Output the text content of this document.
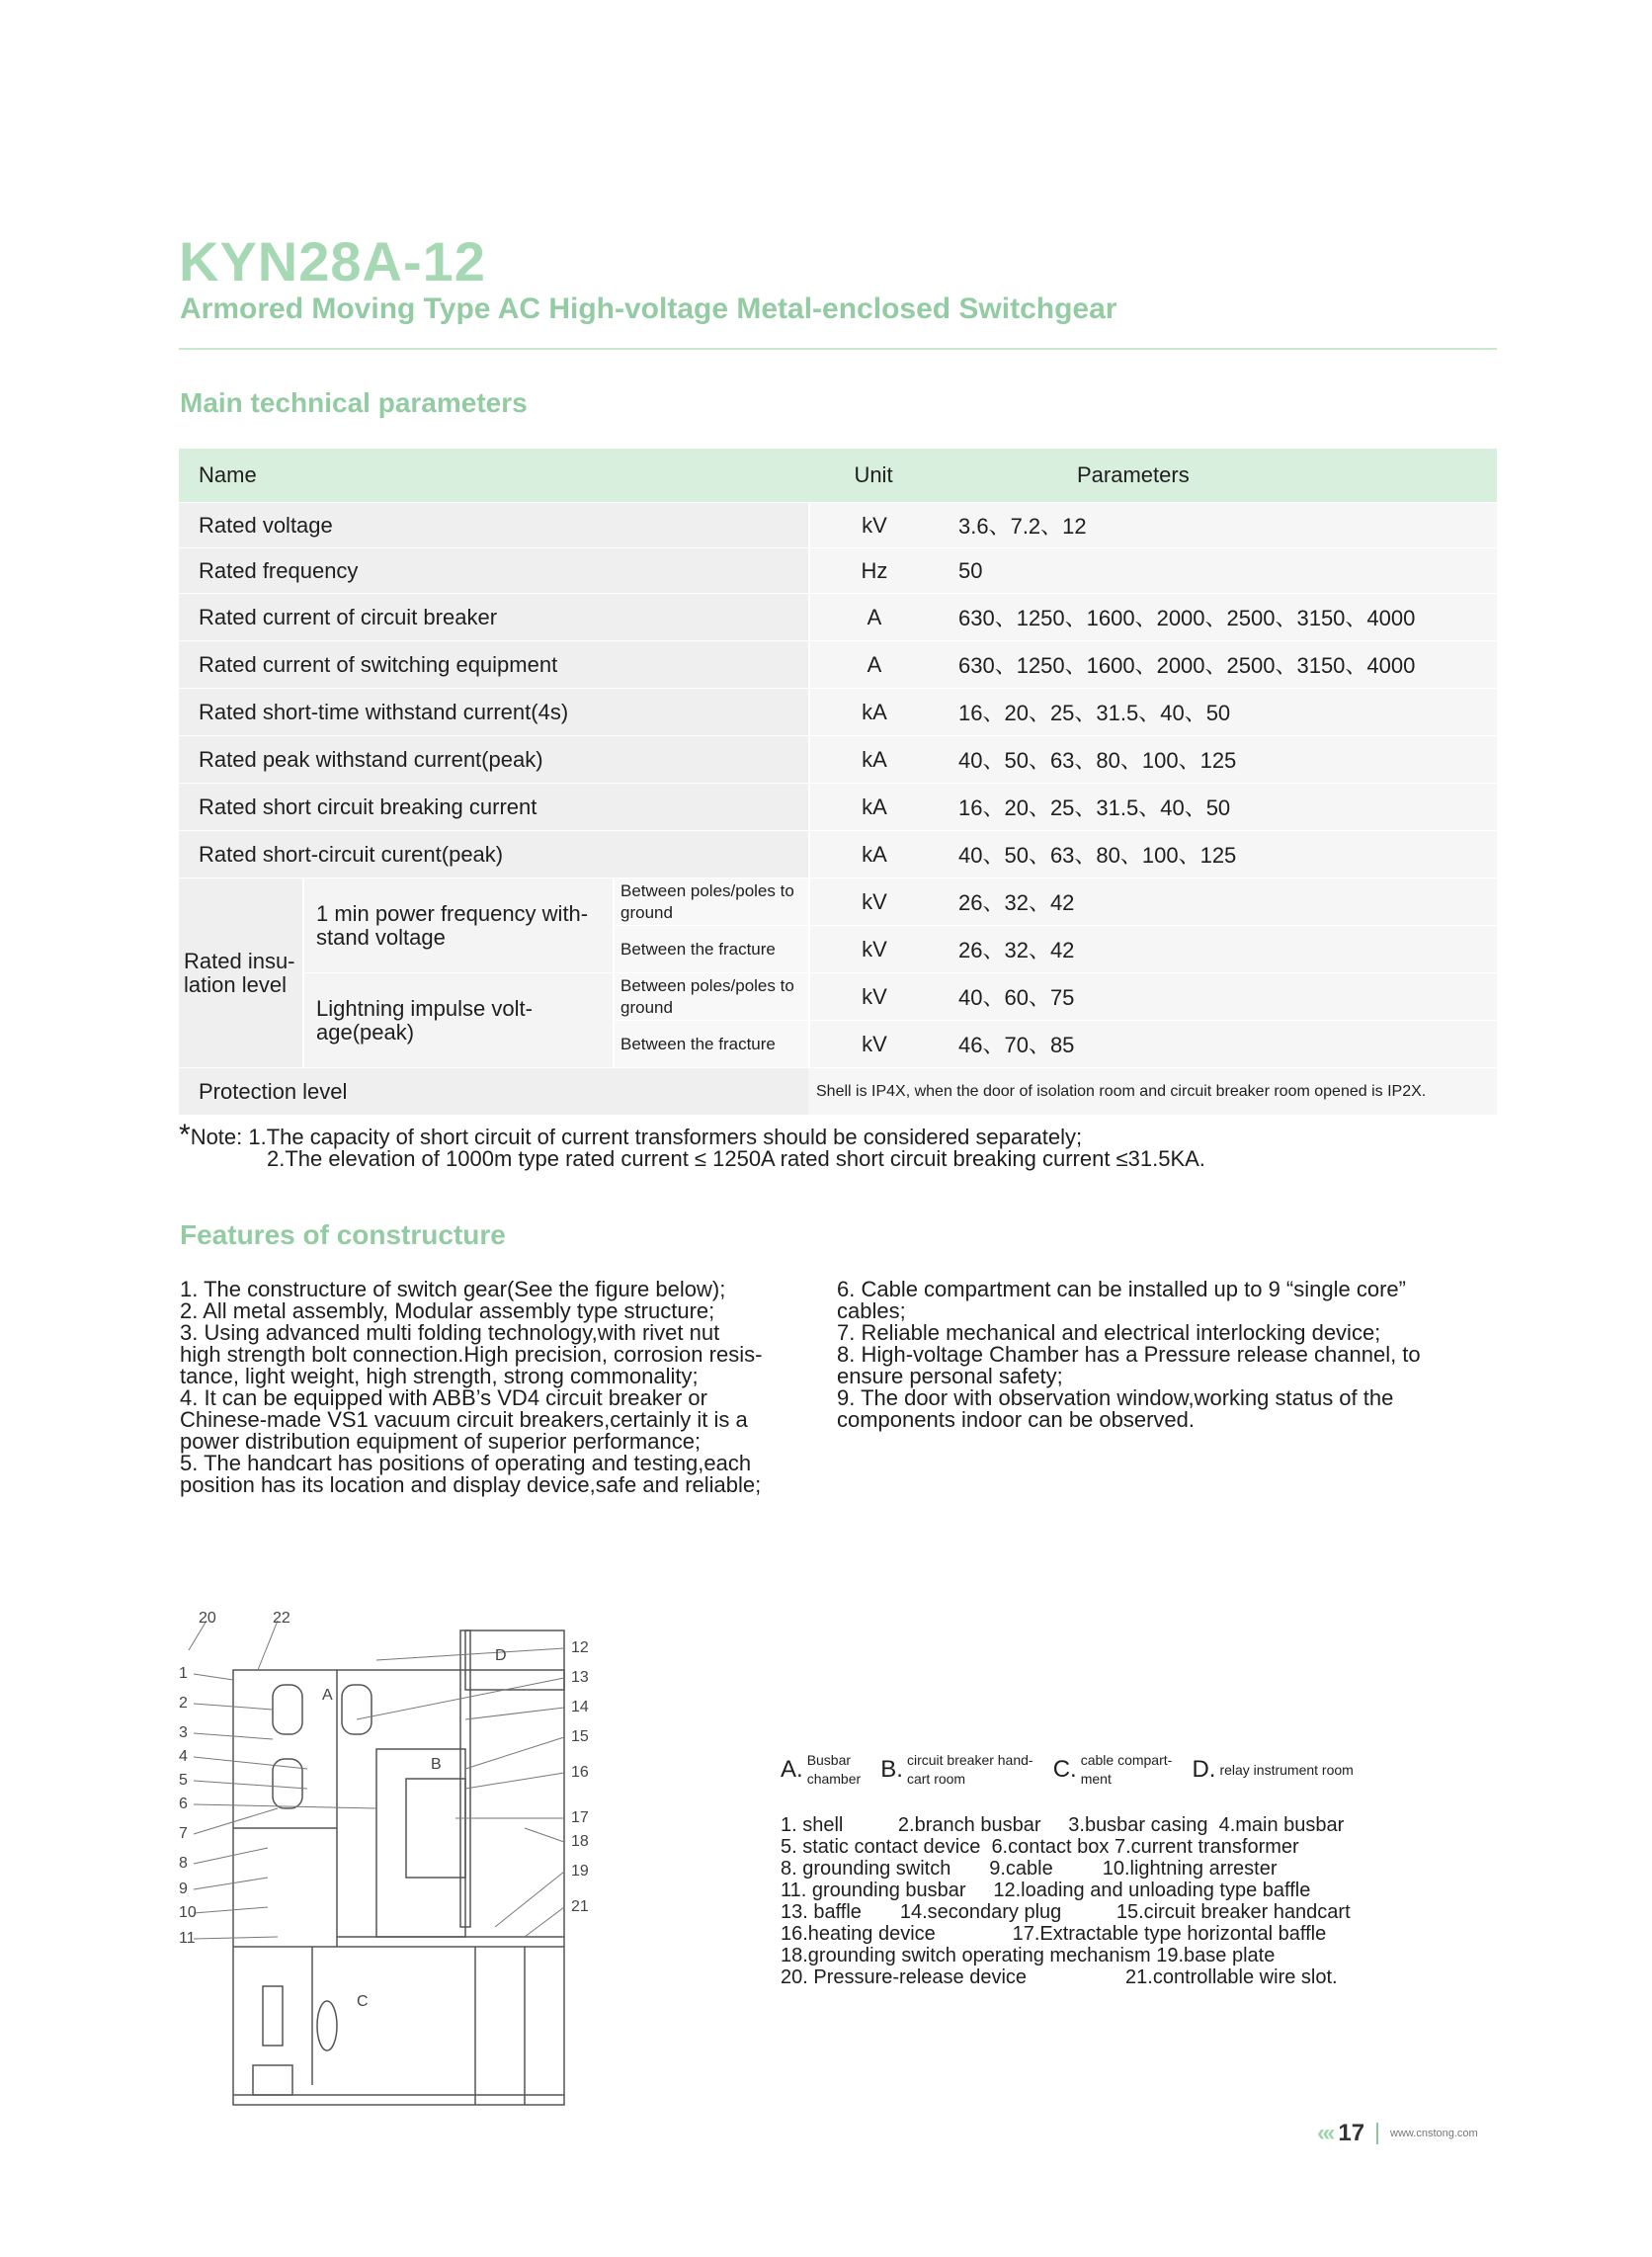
KYN28A-12
Armored Moving Type AC High-voltage Metal-enclosed Switchgear
Main technical parameters
Name			Unit	Parameters
Rated voltage			kV	3.6、7.2、12
Rated frequency			Hz	50
Rated current of circuit breaker			A	630、1250、1600、2000、2500、3150、4000
Rated current of switching equipment			A	630、1250、1600、2000、2500、3150、4000
Rated short-time withstand current(4s)			kA	16、20、25、31.5、40、50
Rated peak withstand current(peak)			kA	40、50、63、80、100、125
Rated short circuit breaking current			kA	16、20、25、31.5、40、50
Rated short-circuit curent(peak)			kA	40、50、63、80、100、125
Rated insu-lation level	1 min power frequency with-stand voltage	Between poles/poles to ground	kV	26、32、42
		Between the fracture	kV	26、32、42
	Lightning impulse volt-age(peak)	Between poles/poles to ground	kV	40、60、75
		Between the fracture	kV	46、70、85
Protection level			Shell is IP4X, when the door of isolation room and circuit breaker room opened is IP2X.	
*Note: 1.The capacity of short circuit of current transformers should be considered separately;
2.The elevation of 1000m type rated current ≤ 1250A rated short circuit breaking current ≤31.5KA.
Features of constructure

1. The constructure of switch gear(See the figure below);

2. All metal assembly, Modular assembly type structure;

3. Using advanced multi folding technology,with rivet nut

high strength bolt connection.High precision, corrosion resis-

tance, light weight, high strength, strong commonality;

4. It can be equipped with ABB’s VD4 circuit breaker or

Chinese-made VS1 vacuum circuit breakers,certainly it is a

power distribution equipment of superior performance;

5. The handcart has positions of operating and testing,each

position has its location and display device,safe and reliable;

6. Cable compartment can be installed up to 9 “single core”

cables;

7. Reliable mechanical and electrical interlocking device;

8. High-voltage Chamber has a Pressure release channel, to

ensure personal safety;

9. The door with observation window,working status of the

components indoor can be observed.

20	22
1
2
3
4
5
6
7
8
9
10
11
12
13
14
15
16
17
18
19
21
A
B
C
D
A. Busbar
chamber
B. circuit breaker hand-
cart room
	C. cable compart-
ment
	D. relay instrument room

1. shell          2.branch busbar     3.busbar casing  4.main busbar

5. static contact device  6.contact box 7.current transformer

8. grounding switch       9.cable         10.lightning arrester

11. grounding busbar     12.loading and unloading type baffle

13. baffle       14.secondary plug          15.circuit breaker handcart

16.heating device              17.Extractable type horizontal baffle

18.grounding switch operating mechanism 19.base plate

20. Pressure-release device                  21.controllable wire slot.

«‹ 17 www.cnstong.com
